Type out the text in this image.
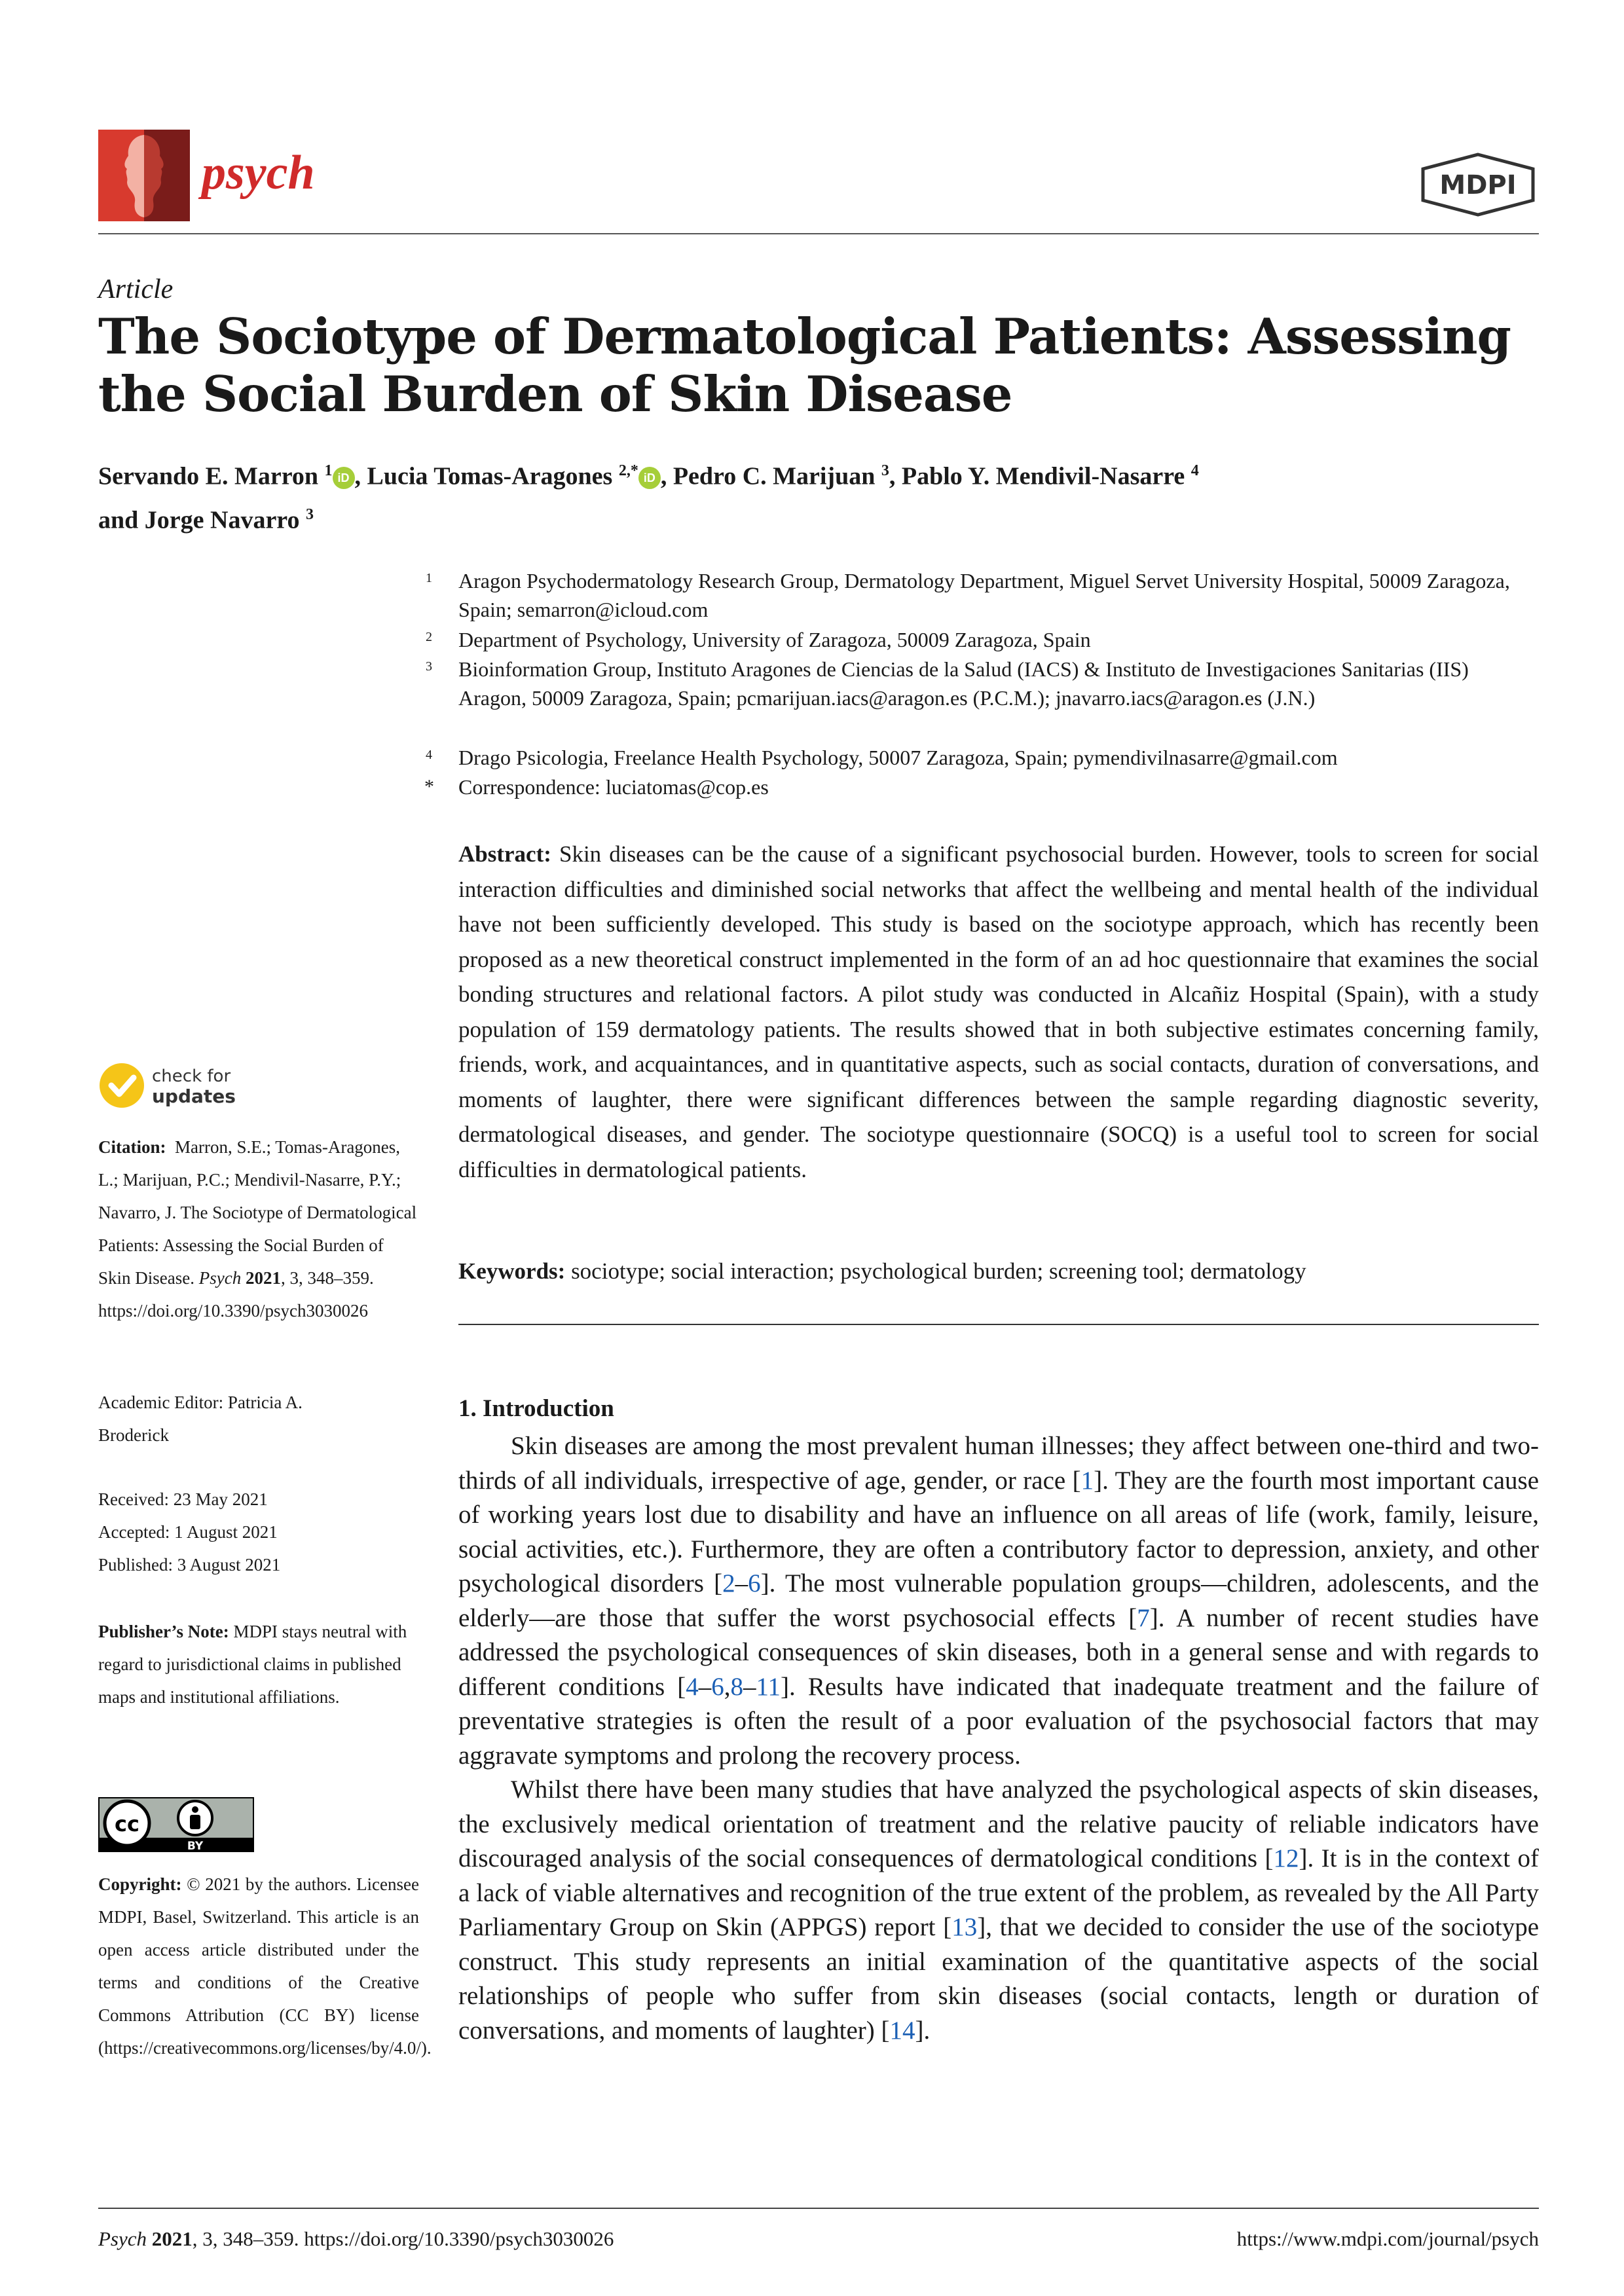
psych	MDPI
Article
The Sociotype of Dermatological Patients: Assessing the Social Burden of Skin Disease
Servando E. Marron $^1$ iD , Lucia Tomas-Aragones $^{2,*}$ iD , Pedro C. Marijuan $^3$, Pablo Y. Mendivil-Nasarre $^4$
and Jorge Navarro $^3$
1 Aragon Psychodermatology Research Group, Dermatology Department, Miguel Servet University Hospital, 50009 Zaragoza, Spain; semarron@icloud.com
2 Department of Psychology, University of Zaragoza, 50009 Zaragoza, Spain
3 Bioinformation Group, Instituto Aragones de Ciencias de la Salud (IACS) & Instituto de Investigaciones Sanitarias (IIS) Aragon, 50009 Zaragoza, Spain; pcmarijuan.iacs@aragon.es (P.C.M.); jnavarro.iacs@aragon.es (J.N.)
4 Drago Psicologia, Freelance Health Psychology, 50007 Zaragoza, Spain; pymendivilnasarre@gmail.com
* Correspondence: luciatomas@cop.es
Abstract: Skin diseases can be the cause of a significant psychosocial burden. However, tools to screen for social interaction difficulties and diminished social networks that affect the wellbeing and mental health of the individual have not been sufficiently developed. This study is based on the sociotype approach, which has recently been proposed as a new theoretical construct implemented in the form of an ad hoc questionnaire that examines the social bonding structures and relational factors. A pilot study was conducted in Alcañiz Hospital (Spain), with a study population of 159 dermatology patients. The results showed that in both subjective estimates concerning family, friends, work, and acquaintances, and in quantitative aspects, such as social contacts, duration of conversations, and moments of laughter, there were significant differences between the sample regarding diagnostic severity, dermatological diseases, and gender. The sociotype questionnaire (SOCQ) is a useful tool to screen for social difficulties in dermatological patients.
Keywords: sociotype; social interaction; psychological burden; screening tool; dermatology
1. Introduction

Skin diseases are among the most prevalent human illnesses; they affect between one-third and two-thirds of all individuals, irrespective of age, gender, or race [1]. They are the fourth most important cause of working years lost due to disability and have an influence on all areas of life (work, family, leisure, social activities, etc.). Furthermore, they are often a contributory factor to depression, anxiety, and other psychological disorders [2–6]. The most vulnerable population groups—children, adolescents, and the elderly—are those that suffer the worst psychosocial effects [7]. A number of recent studies have addressed the psychological consequences of skin diseases, both in a general sense and with regards to different conditions [4–6,8–11]. Results have indicated that inadequate treatment and the failure of preventative strategies is often the result of a poor evaluation of the psychosocial factors that may aggravate symptoms and prolong the recovery process.

Whilst there have been many studies that have analyzed the psychological aspects of skin diseases, the exclusively medical orientation of treatment and the relative paucity of reliable indicators have discouraged analysis of the social consequences of dermatological conditions [12]. It is in the context of a lack of viable alternatives and recognition of the true extent of the problem, as revealed by the All Party Parliamentary Group on Skin (APPGS) report [13], that we decided to consider the use of the sociotype construct. This study represents an initial examination of the quantitative aspects of the social relationships of people who suffer from skin diseases (social contacts, length or duration of conversations, and moments of laughter) [14].

check for
updates
Citation: Marron, S.E.; Tomas-Aragones, L.; Marijuan, P.C.; Mendivil-Nasarre, P.Y.; Navarro, J. The Sociotype of Dermatological Patients: Assessing the Social Burden of Skin Disease. Psych 2021, 3, 348–359. https://doi.org/10.3390/psych3030026
Academic Editor: Patricia A. Broderick
Received: 23 May 2021
Accepted: 1 August 2021
Published: 3 August 2021
Publisher’s Note: MDPI stays neutral with regard to jurisdictional claims in published maps and institutional affiliations.
cc
BY
Copyright: © 2021 by the authors. Licensee MDPI, Basel, Switzerland. This article is an open access article distributed under the terms and conditions of the Creative Commons Attribution (CC BY) license (https://creativecommons.org/licenses/by/4.0/).
Psych 2021, 3, 348–359. https://doi.org/10.3390/psych3030026	https://www.mdpi.com/journal/psych
